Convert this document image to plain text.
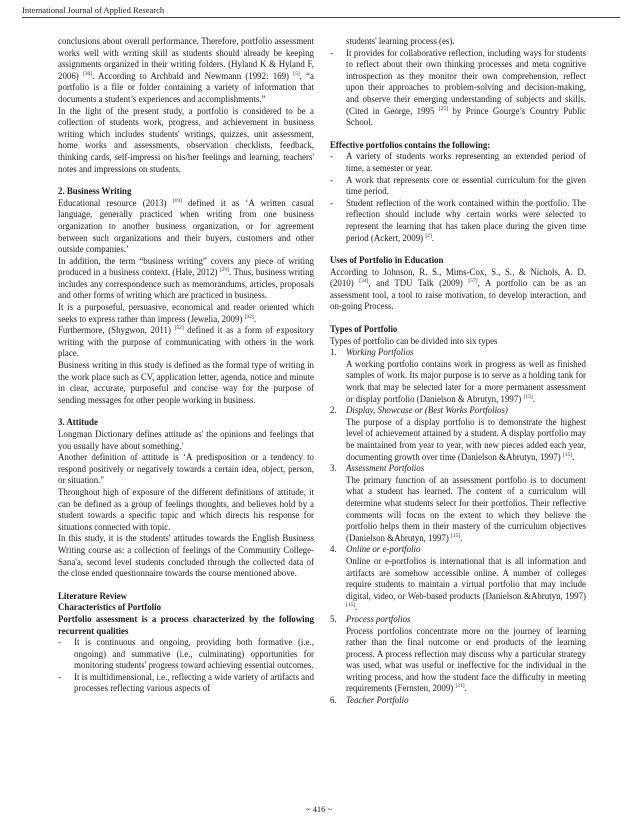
International Journal of Applied Research

conclusions about overall performance. Therefore, portfolio assessment works well with writing skill as students should already be keeping assignments organized in their writing folders. (Hyland K & Hyland F, 2006) [30]. According to Archbald and Newmann (1992: 169) [5], “a portfolio is a file or folder containing a variety of information that documents a student’s experiences and accomplishments.”

In the light of the present study, a portfolio is considered to be a collection of students work, progress, and achievement in business writing which includes students' writings, quizzes, unit assessment, home works and assessments, observation checklists, feedback, thinking cards, self-impressi on his/her feelings and learning, teachers' notes and impressions on students.

2. Business Writing

Educational resource (2013) [19] defined it as ‘A written casual language, generally practiced when writing from one business organization to another business organization, or for agreement between such organizations and their buyers, customers and other outside companies.’

In addition, the term “business writing” covers any piece of writing produced in a business context. (Hale, 2012) [29]. Thus, business writing includes any correspondence such as memorandums, articles, proposals and other forms of writing which are practiced in business.

It is a purposeful, persuasive, economical and reader oriented which seeks to express rather than impress (Jewelia, 2009) [32].

Furthermore, (Shygwon, 2011) [52] defined it as a form of expository writing with the purpose of communicating with others in the work place.

Business writing in this study is defined as the formal type of writing in the work place such as CV, application letter, agenda, notice and minute in clear, accurate, purposeful and concise way for the purpose of sending messages for other people working in business.

3. Attitude

Longman Dictionary defines attitude as' the opinions and feelings that you usually have about something.'

Another definition of attitude is ‘A predisposition or a tendency to respond positively or negatively towards a certain idea, object, person, or situation."

Throughout high of exposure of the different definitions of attitude, it can be defined as a group of feelings thoughts, and believes hold by a student towards a specific topic and which directs his response for situations connected with topic.

In this study, it is the students' attitudes towards the English Business Writing course as: a collection of feelings of the Community College-Sana'a, second level students concluded through the collected data of the close ended questionnaire towards the course mentioned above.

Literature Review

Characteristics of Portfolio

Portfolio assessment is a process characterized by the following recurrent qualities

-	It is continuous and ongoing, providing both formative (i.e., ongoing) and summative (i.e., culminating) opportunities for monitoring students' progress toward achieving essential outcomes.
-	It is multidimensional, i.e., reflecting a wide variety of artifacts and processes reflecting various aspects of
students' learning process (es).
-	It provides for collaborative reflection, including ways for students to reflect about their own thinking processes and meta cognitive introspection as they monitor their own comprehension, reflect upon their approaches to problem-solving and decision-making, and observe their emerging understanding of subjects and skills. (Cited in George, 1995 [25] by Prince Gourge’s Country Public School.

Effective portfolios contains the following:

-	A variety of students works representing an extended period of time, a semester or year.
-	A work that represents core or essential curriculum for the given time period.
-	Student reflection of the work contained within the portfolio. The reflection should include why certain works were selected to represent the learning that has taken place during the given time period (Ackert, 2009) [2].

Uses of Portfolio in Education

According to Johnson, R. S., Mims-Cox, S., S., & Nichols, A. D. (2010) [34], and TDU Talk (2009) [57], A portfolio can be as an assessment tool, a tool to raise motivation, to develop interaction, and on-going Process.

Types of Portfolio

Types of portfolio can be divided into six types

1.	Working Portfolios
A working portfolio contains work in progress as well as finished samples of work. Its major purpose is to serve as a holding tank for work that may be selected later for a more permanent assessment or display portfolio (Danielson & Abrutyn, 1997) [15].
2.	Display, Showcase or (Best Works Portfolios)
The purpose of a display portfolio is to demonstrate the highest level of achievement attained by a student. A display portfolio may be maintained from year to year, with new pieces added each year, documenting growth over time (Danielson &Abrutyn, 1997) [15].
3.	Assessment Portfolios
The primary function of an assessment portfolio is to document what a student has learned. The content of a curriculum will determine what students select for their portfolios. Their reflective comments will focus on the extent to which they believe the portfolio helps them in their mastery of the curriculum objectives (Danielson &Abrutyn, 1997) [15].
4.	Online or e-portfolio
Online or e-portfolios is international that is all information and artifacts are somehow accessible online. A number of colleges require students to maintain a virtual portfolio that may include digital, video, or Web-based products (Danielson &Abrutyn, 1997) [15].
5.	Process portfolios
Process portfolios concentrate more on the journey of learning rather than the final outcome or end products of the learning process. A process reflection may discuss why a particular strategy was used, what was useful or ineffective for the individual in the writing process, and how the student face the difficulty in meeting requirements (Fernsten, 2009) [21].
6.	Teacher Portfolio
~ 416 ~
